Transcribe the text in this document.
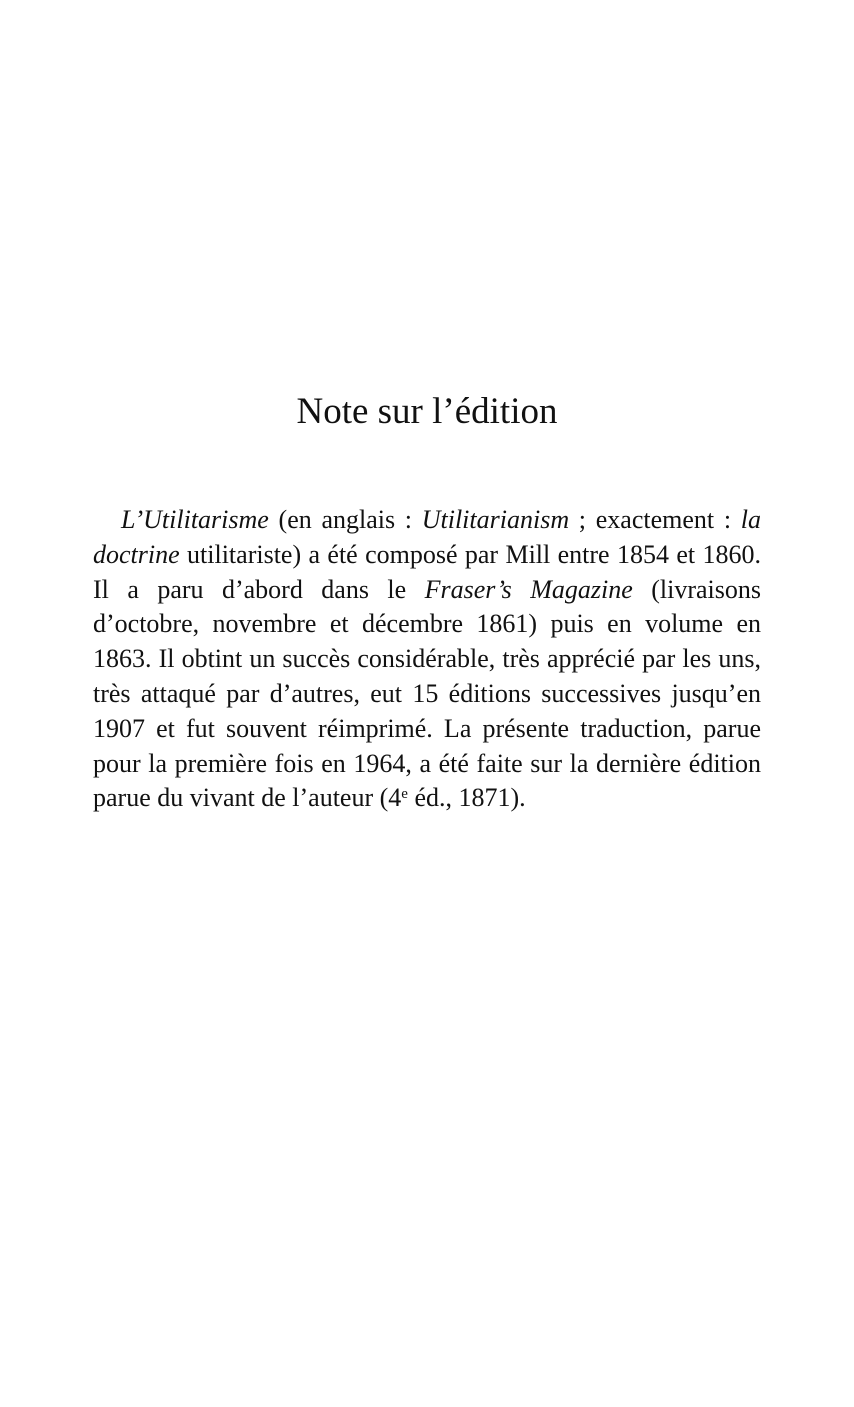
Note sur l’édition

L’Utilitarisme (en anglais : Utilitarianism ; exactement : la doctrine utilitariste) a été composé par Mill entre 1854 et 1860. Il a paru d’abord dans le Fraser’s Magazine (livraisons d’octobre, novembre et décembre 1861) puis en volume en 1863. Il obtint un succès considérable, très apprécié par les uns, très attaqué par d’autres, eut 15 éditions successives jusqu’en 1907 et fut souvent réimprimé. La présente traduction, parue pour la première fois en 1964, a été faite sur la dernière édition parue du vivant de l’auteur (4e éd., 1871).
